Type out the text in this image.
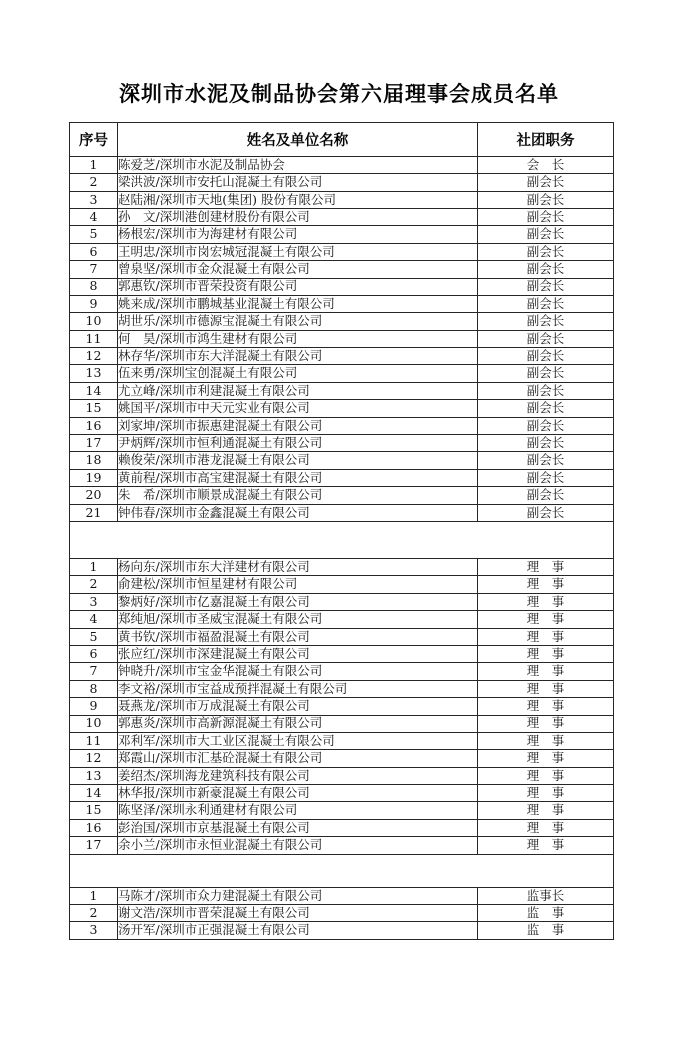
深圳市水泥及制品协会第六届理事会成员名单
序号	姓名及单位名称	社团职务
1	陈爱芝/深圳市水泥及制品协会	会　长
2	梁洪波/深圳市安托山混凝土有限公司	副会长
3	赵陆湘/深圳市天地(集团) 股份有限公司	副会长
4	孙　文/深圳港创建材股份有限公司	副会长
5	杨根宏/深圳市为海建材有限公司	副会长
6	王明忠/深圳市岗宏城冠混凝土有限公司	副会长
7	曾泉坚/深圳市金众混凝土有限公司	副会长
8	郭惠钦/深圳市晋荣投资有限公司	副会长
9	姚来成/深圳市鹏城基业混凝土有限公司	副会长
10	胡世乐/深圳市德源宝混凝土有限公司	副会长
11	何　昊/深圳市鸿生建材有限公司	副会长
12	林存华/深圳市东大洋混凝土有限公司	副会长
13	伍来勇/深圳宝创混凝土有限公司	副会长
14	尤立峰/深圳市利建混凝土有限公司	副会长
15	姚国平/深圳市中天元实业有限公司	副会长
16	刘家坤/深圳市振惠建混凝土有限公司	副会长
17	尹炳辉/深圳市恒利通混凝土有限公司	副会长
18	赖俊荣/深圳市港龙混凝土有限公司	副会长
19	黄前程/深圳市高宝建混凝土有限公司	副会长
20	朱　希/深圳市顺景成混凝土有限公司	副会长
21	钟伟春/深圳市金鑫混凝土有限公司	副会长

1	杨向东/深圳市东大洋建材有限公司	理　事
2	俞建松/深圳市恒星建材有限公司	理　事
3	黎炳好/深圳市亿嘉混凝土有限公司	理　事
4	郑纯旭/深圳市圣威宝混凝土有限公司	理　事
5	黄书钦/深圳市福盈混凝土有限公司	理　事
6	张应红/深圳市深建混凝土有限公司	理　事
7	钟晓升/深圳市宝金华混凝土有限公司	理　事
8	李文裕/深圳市宝益成预拌混凝土有限公司	理　事
9	聂燕龙/深圳市万成混凝土有限公司	理　事
10	郭惠炎/深圳市高新源混凝土有限公司	理　事
11	邓利军/深圳市大工业区混凝土有限公司	理　事
12	郑霞山/深圳市汇基砼混凝土有限公司	理　事
13	姜绍杰/深圳海龙建筑科技有限公司	理　事
14	林华报/深圳市新豪混凝土有限公司	理　事
15	陈坚泽/深圳永利通建材有限公司	理　事
16	彭治国/深圳市京基混凝土有限公司	理　事
17	余小兰/深圳市永恒业混凝土有限公司	理　事

1	马陈才/深圳市众力建混凝土有限公司	监事长
2	谢文浩/深圳市晋荣混凝土有限公司	监　事
3	汤开军/深圳市正强混凝土有限公司	监　事
